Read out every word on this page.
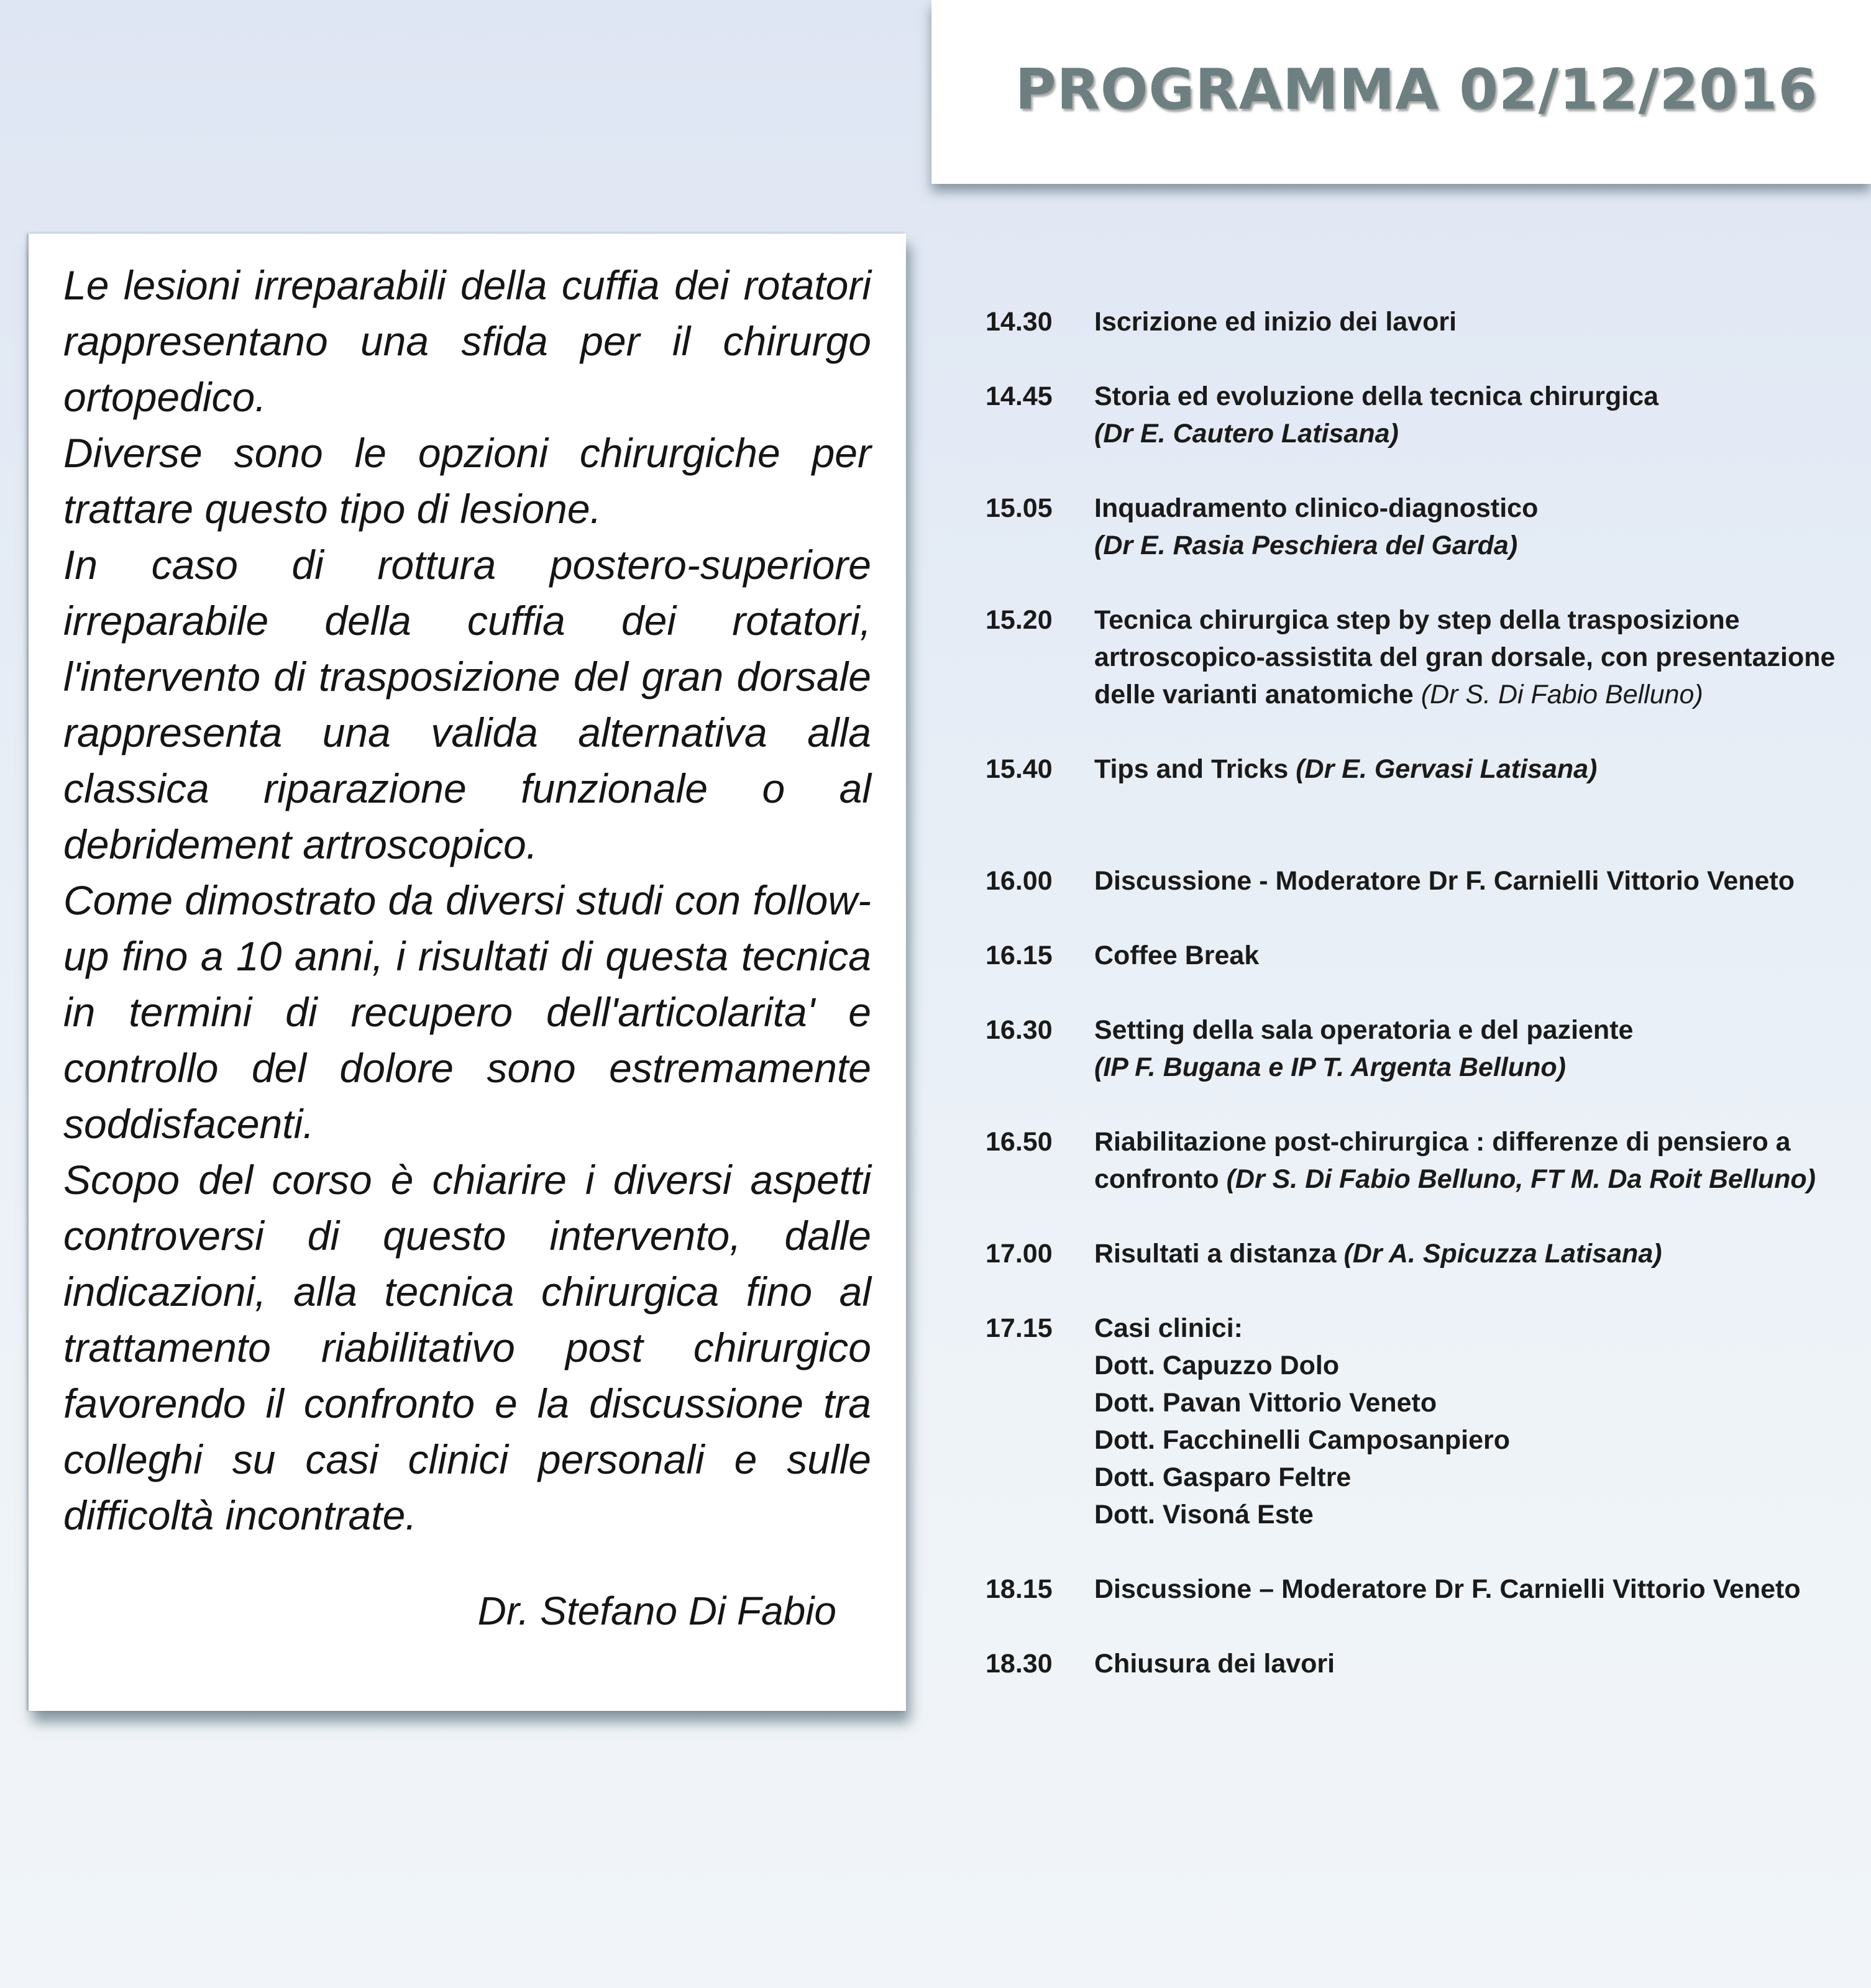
PROGRAMMA 02/12/2016

Le lesioni irreparabili della cuffia dei rotatori rappresentano una sfida per il chirurgo ortopedico.

Diverse sono le opzioni chirurgiche per trattare questo tipo di lesione.

In caso di rottura postero-superiore irreparabile della cuffia dei rotatori, l'intervento di trasposizione del gran dorsale rappresenta una valida alternativa alla classica riparazione funzionale o al debridement artroscopico.

Come dimostrato da diversi studi con follow-up fino a 10 anni, i risultati di questa tecnica in termini di recupero dell'articolarita' e controllo del dolore sono estremamente soddisfacenti.

Scopo del corso è chiarire i diversi aspetti controversi di questo intervento, dalle indicazioni, alla tecnica chirurgica fino al trattamento riabilitativo post chirurgico favorendo il confronto e la discussione tra colleghi su casi clinici personali e sulle difficoltà incontrate.

Dr. Stefano Di Fabio
14.30 Iscrizione ed inizio dei lavori
14.45 Storia ed evoluzione della tecnica chirurgica
(Dr E. Cautero Latisana)
15.05 Inquadramento clinico-diagnostico
(Dr E. Rasia Peschiera del Garda)
15.20 Tecnica chirurgica step by step della trasposizione
artroscopico-assistita del gran dorsale, con presentazione
delle varianti anatomiche (Dr S. Di Fabio Belluno)
15.40 Tips and Tricks (Dr E. Gervasi Latisana)
16.00 Discussione - Moderatore Dr F. Carnielli Vittorio Veneto
16.15 Coffee Break
16.30 Setting della sala operatoria e del paziente
(IP F. Bugana e IP T. Argenta Belluno)
16.50 Riabilitazione post-chirurgica : differenze di pensiero a
confronto (Dr S. Di Fabio Belluno, FT M. Da Roit Belluno)
17.00 Risultati a distanza (Dr A. Spicuzza Latisana)
17.15 Casi clinici:
Dott. Capuzzo Dolo
Dott. Pavan Vittorio Veneto
Dott. Facchinelli Camposanpiero
Dott. Gasparo Feltre
Dott. Visoná Este
18.15 Discussione – Moderatore Dr F. Carnielli Vittorio Veneto
18.30 Chiusura dei lavori
